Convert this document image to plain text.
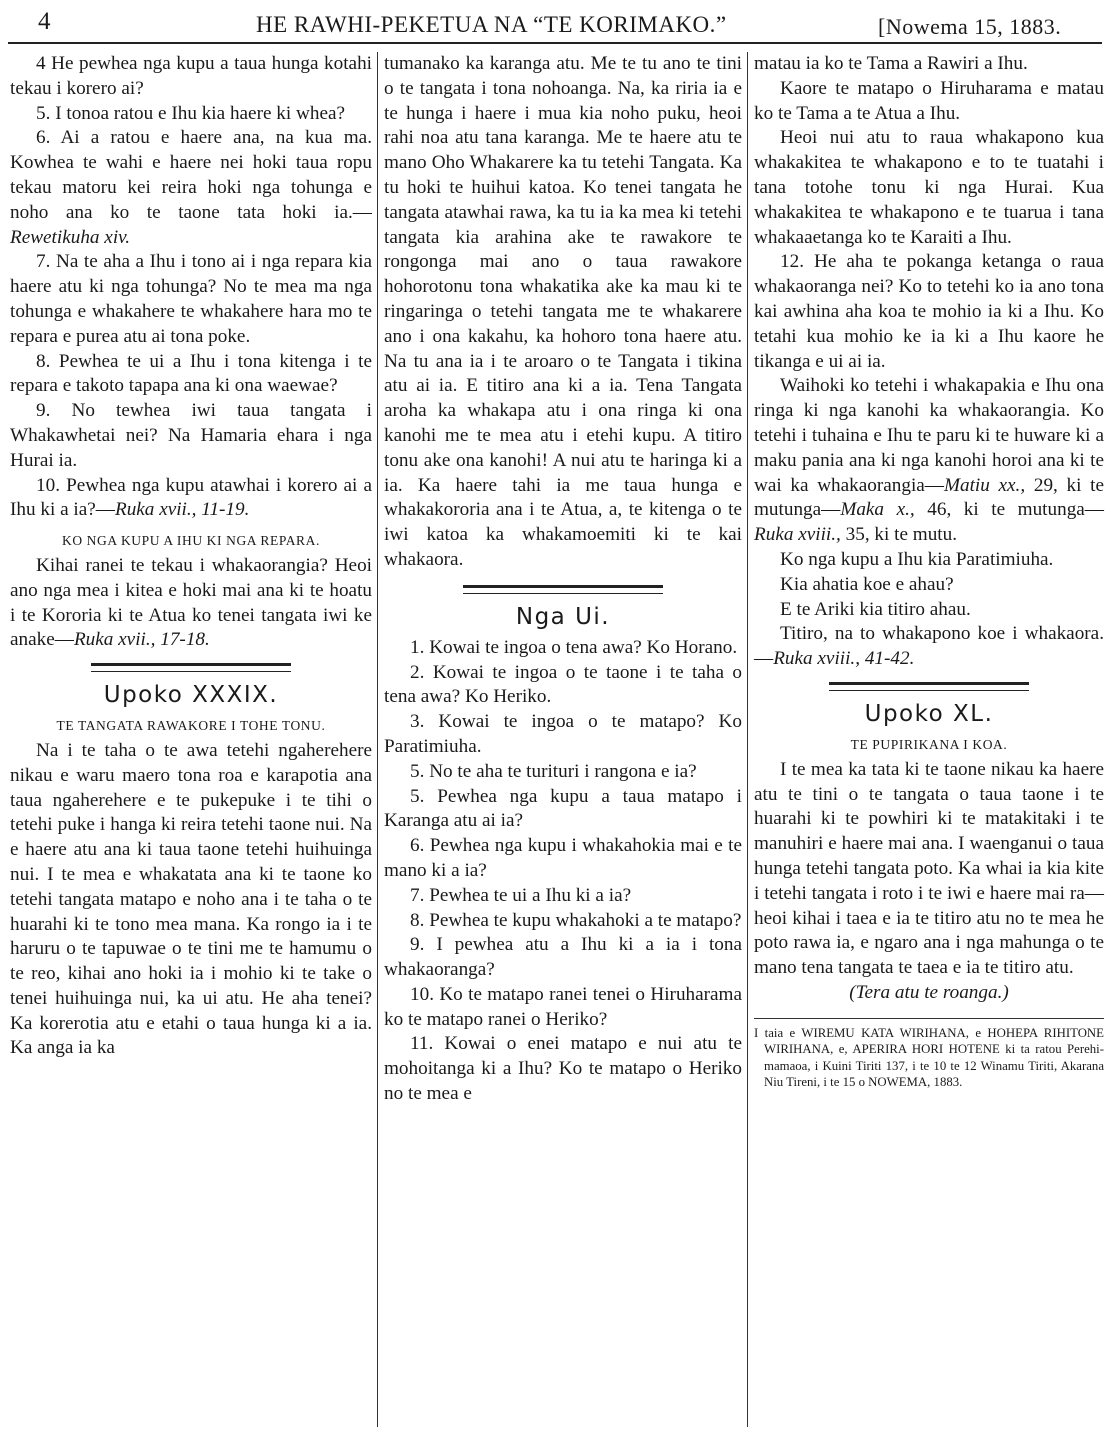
4	HE RAWHI-PEKETUA NA “TE KORIMAKO.”	[Nowema 15, 1883.

4 He pewhea nga kupu a taua hunga kotahi tekau i korero ai?

5. I tonoa ratou e Ihu kia haere ki whea?

6. Ai a ratou e haere ana, na kua ma. Kowhea te wahi e haere nei hoki taua ropu tekau matoru kei reira hoki nga tohunga e noho ana ko te taone tata hoki ia.—Rewetikuha xiv.

7. Na te aha a Ihu i tono ai i nga repara kia haere atu ki nga tohunga? No te mea ma nga tohunga e whakahere te whakahere hara mo te repara e purea atu ai tona poke.

8. Pewhea te ui a Ihu i tona kitenga i te repara e takoto tapapa ana ki ona waewae?

9. No tewhea iwi taua tangata i Whakawhetai nei? Na Hamaria ehara i nga Hurai ia.

10. Pewhea nga kupu atawhai i korero ai a Ihu ki a ia?—Ruka xvii., 11-19.

KO NGA KUPU A IHU KI NGA REPARA.

Kihai ranei te tekau i whakaorangia? Heoi ano nga mea i kitea e hoki mai ana ki te hoatu i te Kororia ki te Atua ko tenei tangata iwi ke anake—Ruka xvii., 17-18.

Upoko XXXIX.

TE TANGATA RAWAKORE I TOHE TONU.

Na i te taha o te awa tetehi ngaherehere nikau e waru maero tona roa e karapotia ana taua ngaherehere e te pukepuke i te tihi o tetehi puke i hanga ki reira tetehi taone nui. Na e haere atu ana ki taua taone tetehi huihuinga nui. I te mea e whakatata ana ki te taone ko tetehi tangata matapo e noho ana i te taha o te huarahi ki te tono mea mana. Ka rongo ia i te haruru o te tapuwae o te tini me te hamumu o te reo, kihai ano hoki ia i mohio ki te take o tenei huihuinga nui, ka ui atu. He aha tenei? Ka korerotia atu e etahi o taua hunga ki a ia. Ka anga ia ka

tumanako ka karanga atu. Me te tu ano te tini o te tangata i tona nohoanga. Na, ka riria ia e te hunga i haere i mua kia noho puku, heoi rahi noa atu tana karanga. Me te haere atu te mano Oho Whakarere ka tu tetehi Tangata. Ka tu hoki te huihui katoa. Ko tenei tangata he tangata atawhai rawa, ka tu ia ka mea ki tetehi tangata kia arahina ake te rawakore te rongonga mai ano o taua rawakore hohorotonu tona whakatika ake ka mau ki te ringaringa o tetehi tangata me te whakarere ano i ona kakahu, ka hohoro tona haere atu. Na tu ana ia i te aroaro o te Tangata i tikina atu ai ia. E titiro ana ki a ia. Tena Tangata aroha ka whakapa atu i ona ringa ki ona kanohi me te mea atu i etehi kupu. A titiro tonu ake ona kanohi! A nui atu te haringa ki a ia. Ka haere tahi ia me taua hunga e whakakororia ana i te Atua, a, te kitenga o te iwi katoa ka whakamoemiti ki te kai whakaora.

Nga Ui.

1. Kowai te ingoa o tena awa? Ko Horano.

2. Kowai te ingoa o te taone i te taha o tena awa? Ko Heriko.

3. Kowai te ingoa o te matapo? Ko Paratimiuha.

5. No te aha te turituri i rangona e ia?

5. Pewhea nga kupu a taua matapo i Karanga atu ai ia?

6. Pewhea nga kupu i whakahokia mai e te mano ki a ia?

7. Pewhea te ui a Ihu ki a ia?

8. Pewhea te kupu whakahoki a te matapo?

9. I pewhea atu a Ihu ki a ia i tona whakaoranga?

10. Ko te matapo ranei tenei o Hiruharama ko te matapo ranei o Heriko?

11. Kowai o enei matapo e nui atu te mohoitanga ki a Ihu? Ko te matapo o Heriko no te mea e

matau ia ko te Tama a Rawiri a Ihu.

Kaore te matapo o Hiruharama e matau ko te Tama a te Atua a Ihu.

Heoi nui atu to raua whakapono kua whakakitea te whakapono e to te tuatahi i tana totohe tonu ki nga Hurai. Kua whakakitea te whakapono e te tuarua i tana whakaaetanga ko te Karaiti a Ihu.

12. He aha te pokanga ketanga o raua whakaoranga nei? Ko to tetehi ko ia ano tona kai awhina aha koa te mohio ia ki a Ihu. Ko tetahi kua mohio ke ia ki a Ihu kaore he tikanga e ui ai ia.

Waihoki ko tetehi i whakapakia e Ihu ona ringa ki nga kanohi ka whakaorangia. Ko tetehi i tuhaina e Ihu te paru ki te huware ki a maku pania ana ki nga kanohi horoi ana ki te wai ka whakaorangia—Matiu xx., 29, ki te mutunga—Maka x., 46, ki te mutunga—Ruka xviii., 35, ki te mutu.

Ko nga kupu a Ihu kia Paratimiuha.

Kia ahatia koe e ahau?

E te Ariki kia titiro ahau.

Titiro, na to whakapono koe i whakaora.—Ruka xviii., 41-42.

Upoko XL.

TE PUPIRIKANA I KOA.

I te mea ka tata ki te taone nikau ka haere atu te tini o te tangata o taua taone i te huarahi ki te powhiri ki te matakitaki i te manuhiri e haere mai ana. I waenganui o taua hunga tetehi tangata poto. Ka whai ia kia kite i tetehi tangata i roto i te iwi e haere mai ra—heoi kihai i taea e ia te titiro atu no te mea he poto rawa ia, e ngaro ana i nga mahunga o te mano tena tangata te taea e ia te titiro atu.

(Tera atu te roanga.)

I taia e WIREMU KATA WIRIHANA, e HOHEPA RIHITONE WIRIHANA, e, APERIRA HORI HOTENE ki ta ratou Perehi-mamaoa, i Kuini Tiriti 137, i te 10 te 12 Winamu Tiriti, Akarana Niu Tireni, i te 15 o NOWEMA, 1883.
